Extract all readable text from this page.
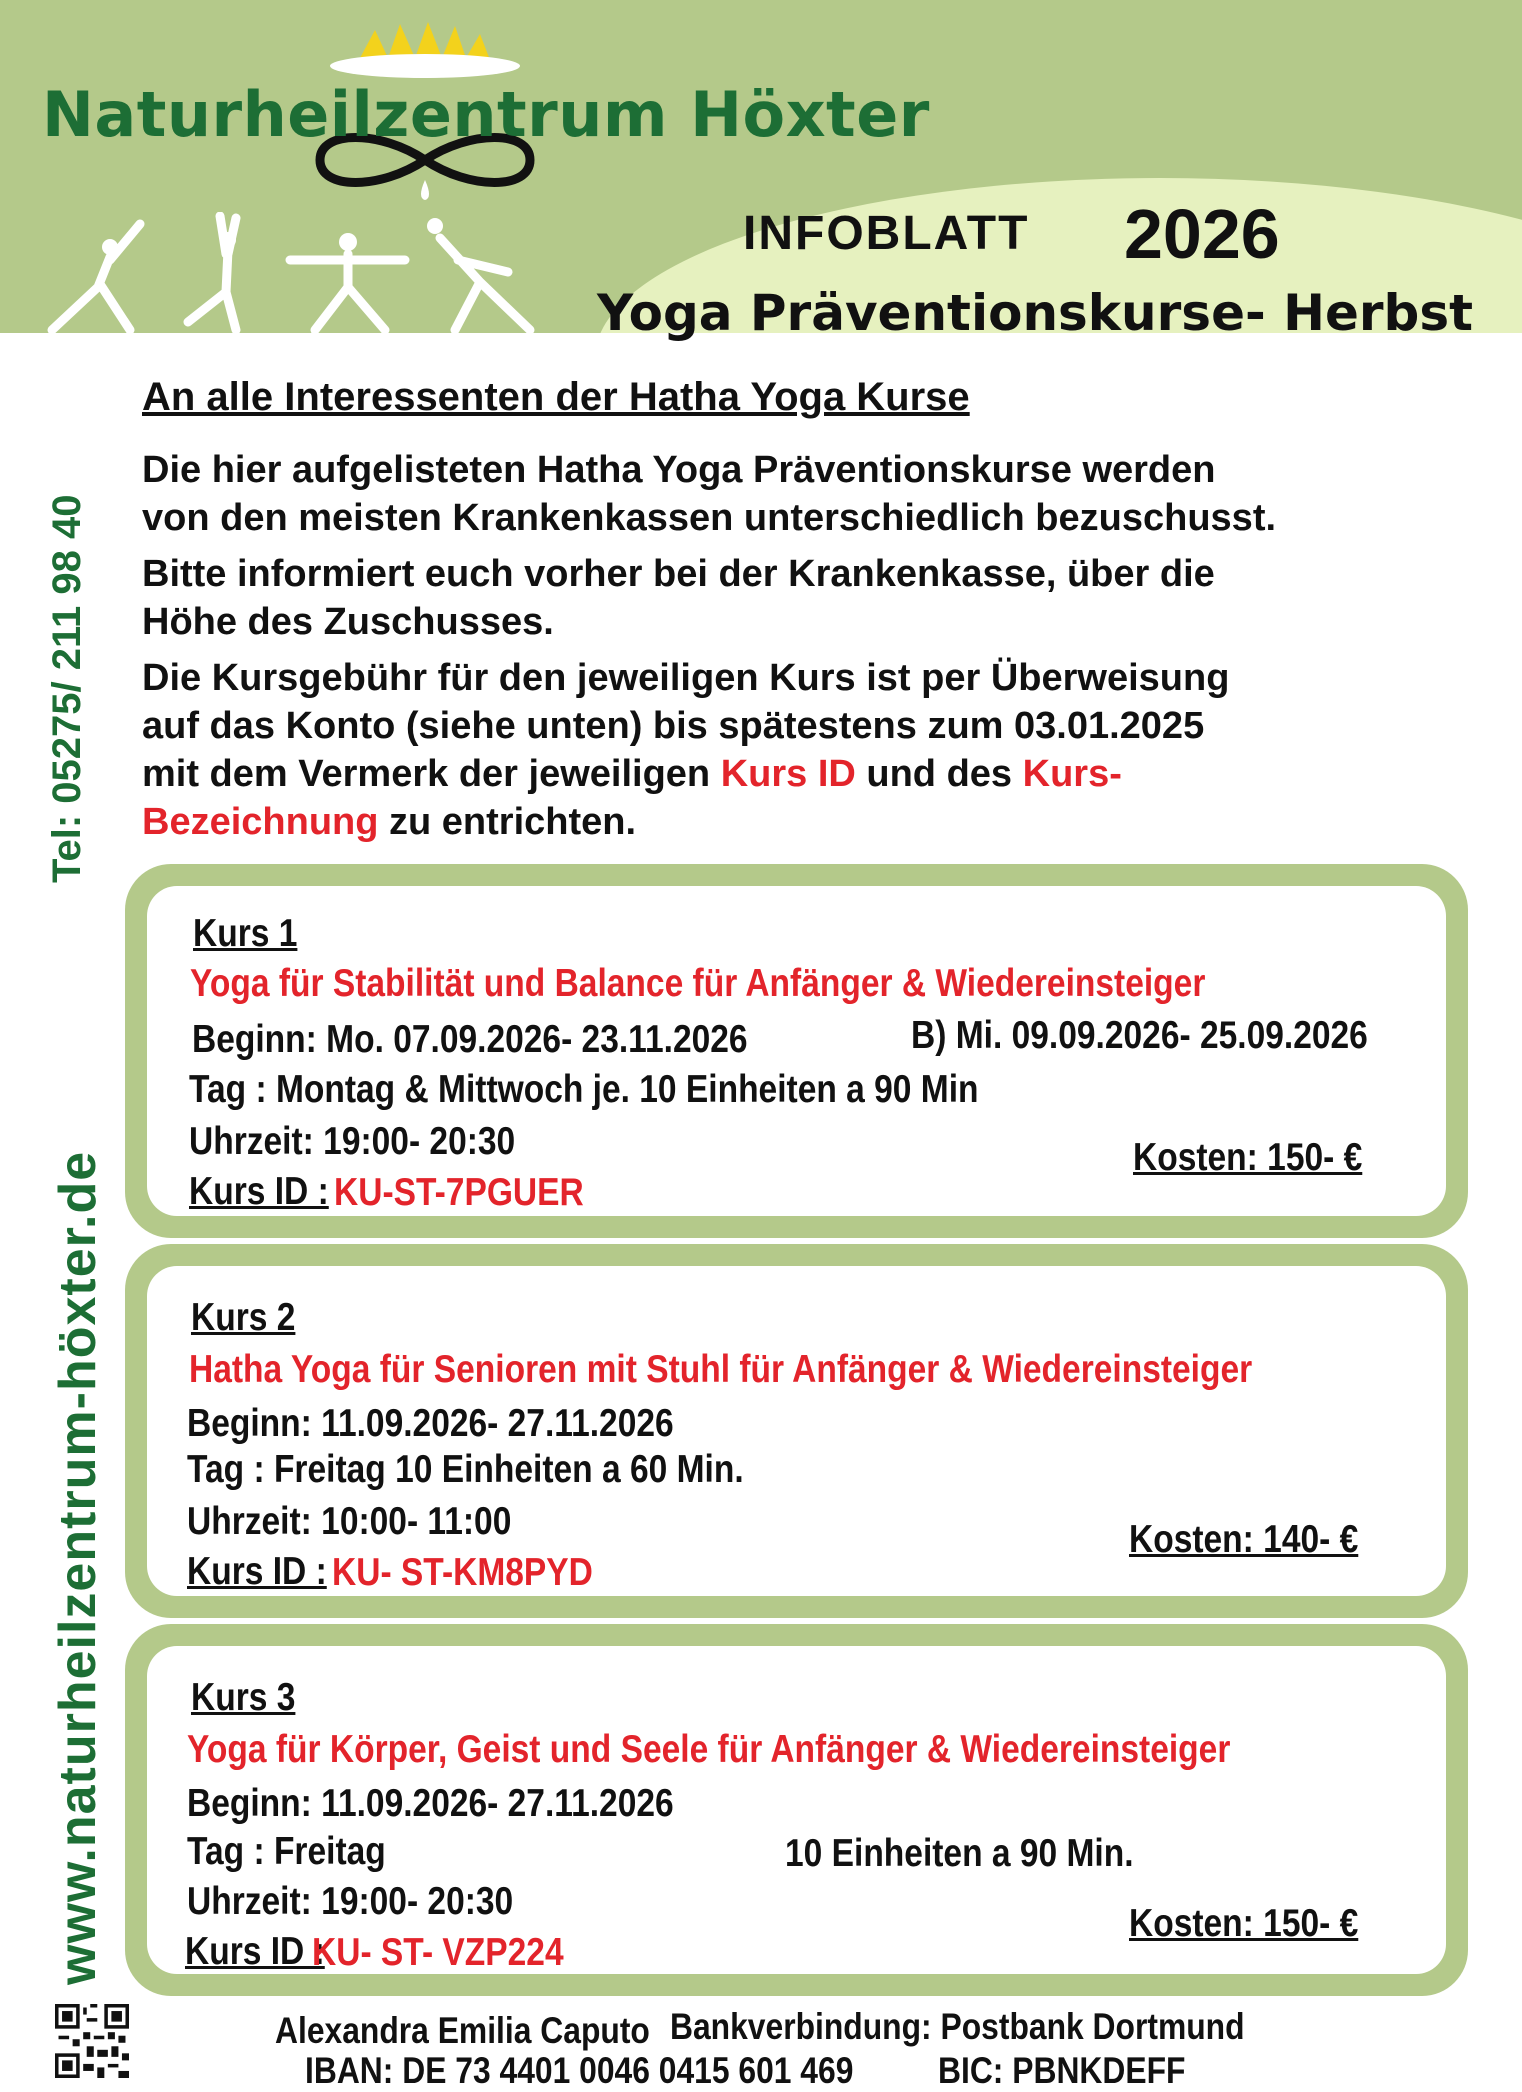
Naturheilzentrum Höxter
INFOBLATT 2026
Yoga Präventionskurse- Herbst
Tel: 05275/ 211 98 40
www.naturheilzentrum-höxter.de
An alle Interessenten der Hatha Yoga Kurse
Die hier aufgelisteten Hatha Yoga Präventionskurse werden
von den meisten Krankenkassen unterschiedlich bezuschusst.
Bitte informiert euch vorher bei der Krankenkasse, über die
Höhe des Zuschusses.
Die Kursgebühr für den jeweiligen Kurs ist per Überweisung
auf das Konto (siehe unten) bis spätestens zum 03.01.2025
mit dem Vermerk der jeweiligen Kurs ID und des Kurs-
Bezeichnung zu entrichten.
Kurs 1
Yoga für Stabilität und Balance für Anfänger & Wiedereinsteiger
Beginn: Mo. 07.09.2026- 23.11.2026	B) Mi. 09.09.2026- 25.09.2026
Tag : Montag & Mittwoch je. 10 Einheiten a 90 Min
Uhrzeit: 19:00- 20:30
Kurs ID : KU-ST-7PGUER
Kosten: 150- €
Kurs 2
Hatha Yoga für Senioren mit Stuhl für Anfänger & Wiedereinsteiger
Beginn: 11.09.2026- 27.11.2026
Tag : Freitag 10 Einheiten a 60 Min.
Uhrzeit: 10:00- 11:00
Kurs ID : KU- ST-KM8PYD
Kosten: 140- €
Kurs 3
Yoga für Körper, Geist und Seele für Anfänger & Wiedereinsteiger
Beginn: 11.09.2026- 27.11.2026
Tag : Freitag	10 Einheiten a 90 Min.
Uhrzeit: 19:00- 20:30
Kurs ID :
KU- ST- VZP224
Kosten: 150- €
Alexandra Emilia Caputo Bankverbindung: Postbank Dortmund
IBAN: DE 73 4401 0046 0415 601 469 BIC: PBNKDEFF
